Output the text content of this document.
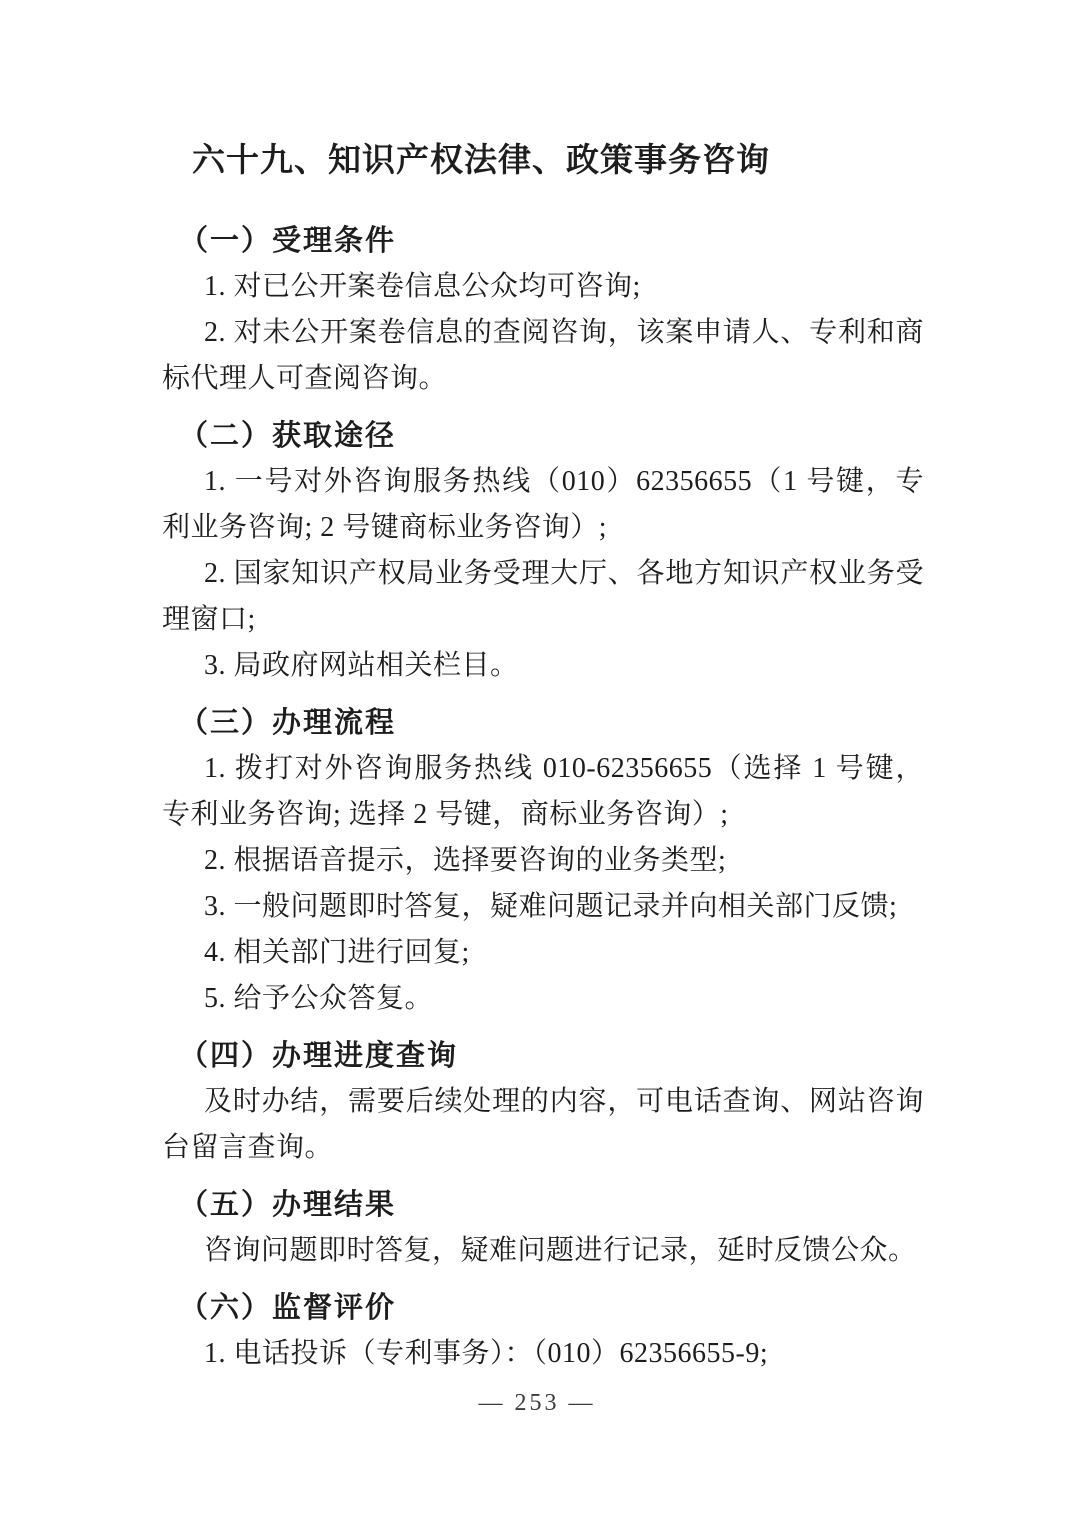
六十九、知识产权法律、政策事务咨询
（一）受理条件

1. 对已公开案卷信息公众均可咨询;

2. 对未公开案卷信息的查阅咨询，该案申请人、专利和商标代理人可查阅咨询。

（二）获取途径

1. 一号对外咨询服务热线（010）62356655（1 号键，专利业务咨询; 2 号键商标业务咨询）;

2. 国家知识产权局业务受理大厅、各地方知识产权业务受理窗口;

3. 局政府网站相关栏目。

（三）办理流程

1. 拨打对外咨询服务热线 010-62356655（选择 1 号键，专利业务咨询; 选择 2 号键，商标业务咨询）;

2. 根据语音提示，选择要咨询的业务类型;

3. 一般问题即时答复，疑难问题记录并向相关部门反馈;

4. 相关部门进行回复;

5. 给予公众答复。

（四）办理进度查询

及时办结，需要后续处理的内容，可电话查询、网站咨询台留言查询。

（五）办理结果

咨询问题即时答复，疑难问题进行记录，延时反馈公众。

（六）监督评价

1. 电话投诉（专利事务）：（010）62356655-9;

— 253 —
